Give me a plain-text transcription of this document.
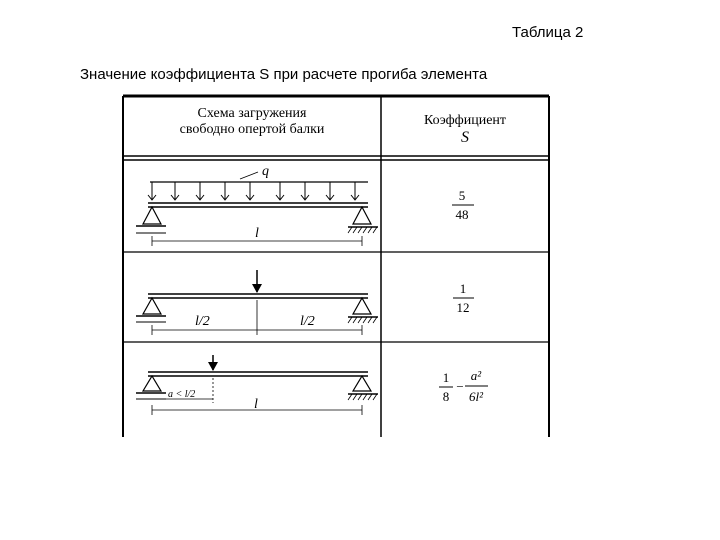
Таблица 2
Значение коэффициента S при расчете прогиба элемента
Схема загружения
свободно опертой балки
Коэффициент
S
q
l
5
48
l/2	l/2
1
12
a < l/2
l
1
8
−
a²
6l²
